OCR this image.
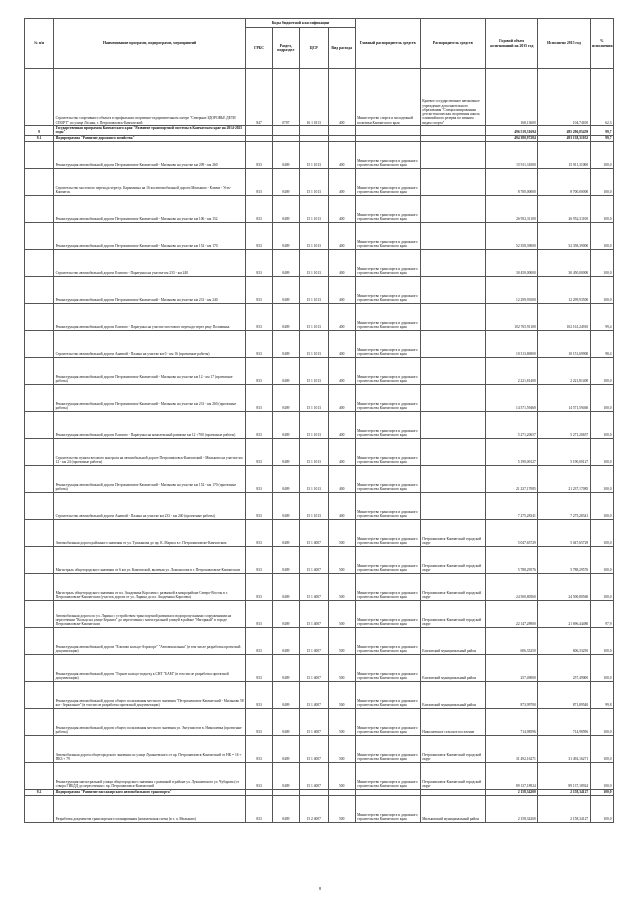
№ п/п	Наименование программ, подпрограмм, мероприятий	Коды бюджетной классификации				Главный распорядитель средств	Распорядитель средств	Годовой объем ассигнований на 2015 год	Исполнено 2015 год	% исполнения
		ГРБС	Раздел, подраздел	ЦСР	Вид расхода					
	Строительство спортивного объекта в профильном спортивно-оздоровительном лагере "Северные ЗДОРОВЬЕ ДЕТИ СПОРТ" по улице Лесная, г. Петропавловск-Камчатский	847	0707	16 1 0113	400	Министерство спорта и молодежной политики Камчатского края	Краевое государственное автономное учреждение дополнительного образования "Специализированная детско-юношеская спортивная школа олимпийского резерва по зимним видам спорта"	168,13600	104,74100	62,3
9	Государственная программа Камчатского края "Развитие транспортной системы в Камчатском крае на 2014-2025 годы"							496 519,31694	495 296,85459	99,7
9.1	Подпрограмма "Развитие дорожного хозяйства"							494 380,97284	493 138,31032	99,7
	Реконструкция автомобильной дороги Петропавловск-Камчатский - Мильково на участке км 209 - км 260	833	0409	15 1 1013	400	Министерство транспорта и дорожного строительства Камчатского края		15 911,31000	15 911,31000	100,0
	Строительство мостового перехода через р. Карымчина на 16 км автомобильной дороги Мильково - Ключи - Усть-Камчатск	833	0409	15 1 1013	400	Министерство транспорта и дорожного строительства Камчатского края		8 700,00000	8 700,00000	100,0
	Реконструкция автомобильной дороги Петропавловск-Камчатский - Мильково на участке км 106 - км 152	833	0409	15 1 1013	400	Министерство транспорта и дорожного строительства Камчатского края		26 952,31100	26 952,31100	100,0
	Реконструкция автомобильной дороги Петропавловск-Камчатский - Мильково на участке км 152 - км 170	833	0409	15 1 1013	400	Министерство транспорта и дорожного строительства Камчатского края		52 358,39000	52 358,39000	100,0
	Строительство автомобильной дороги Елизово - Паратунка на участке км 233 - км 240	833	0409	15 1 1013	400	Министерство транспорта и дорожного строительства Камчатского края		30 450,00000	30 450,00000	100,0
	Реконструкция автомобильной дороги Петропавловск-Камчатский - Мильково на участке км 231 - км 240	833	0409	15 1 1013	400	Министерство транспорта и дорожного строительства Камчатского края		12 299,93500	12 299,93500	100,0
	Реконструкция автомобильной дороги Елизово - Паратунка на участке мостового перехода через реку Половинка	833	0409	15 1 1013	400	Министерство транспорта и дорожного строительства Камчатского края		102 765,91100	102 161,24910	99,4
	Строительство автомобильной дороги Анавгай - Палана на участке км 0 - км 16 (проектные работы)	833	0409	15 1 1013	400	Министерство транспорта и дорожного строительства Камчатского края		10 313,86900	10 151,69900	98,4
	Реконструкция автомобильной дороги Петропавловск-Камчатский - Мильково на участке км 12 - км 17 (проектные работы)	833	0409	15 1 1013	400	Министерство транспорта и дорожного строительства Камчатского края		2 221,81400	2 221,81400	100,0
	Реконструкция автомобильной дороги Петропавловск-Камчатский - Мильково на участке км 231 - км 260 (проектные работы)	833	0409	15 1 1013	400	Министерство транспорта и дорожного строительства Камчатского края		14 571,59460	14 571,59460	100,0
	Реконструкция автомобильной дороги Елизово - Паратунка на комплексный развязке км 12 +700 (проектные работы)	833	0409	15 1 1013	400	Министерство транспорта и дорожного строительства Камчатского края		5 271,20657	5 271,20657	100,0
	Строительство пункта весового контроля на автомобильной дороге Петропавловск-Камчатский - Мильково на участке км 12 - км 24 (проектные работы)	833	0409	15 1 1013	400	Министерство транспорта и дорожного строительства Камчатского края		5 190,00127	5 190,00127	100,0
	Реконструкция автомобильной дороги Петропавловск-Камчатский - Мильково на участке км 152 - км 170 (проектные работы)	833	0409	15 1 1013	400	Министерство транспорта и дорожного строительства Камчатского края		21 237,17085	21 237,17085	100,0
	Строительство автомобильной дороги Анавгай - Палана на участке км 233 - км 240 (проектные работы)	833	0409	15 1 1013	400	Министерство транспорта и дорожного строительства Камчатского края		7 275,28341	7 275,28341	100,0
	Автомобильная дорога районного значения от ул. Тушканова до пр. К. Маркса в г. Петропавловске-Камчатском	833	0409	15 1 4007	500	Министерство транспорта и дорожного строительства Камчатского края	Петропавловск-Камчатский городской округ	5 047,65729	5 047,65729	100,0
	Магистраль общегородского значения от 6 км ул. Камчатской, включая ул. Ломоносова в г. Петропавловске-Камчатском	833	0409	15 1 4007	500	Министерство транспорта и дорожного строительства Камчатского края	Петропавловск-Камчатский городской округ	5 788,29576	5 788,29576	100,0
	Магистраль общегородского значения от пл. Академика Королева с развязкой в микрорайоне Северо-Восток в г. Петропавловске-Камчатском (участок дороги от ул. Ларина до пл. Академика Королева)	833	0409	15 1 4007	500	Министерство транспорта и дорожного строительства Камчатского края	Петропавловск-Камчатский городской округ	24 500,80560	24 500,80560	100,0
	Автомобильная дорога по ул. Ларина с устройством транспортной развязки и водопропускными сооружениями на пересечении "Кольцо на улице Беринга" до пересечения с магистральной улицей в районе "Нагорный" в городе Петропавловске-Камчатском	833	0409	15 1 4007	500	Министерство транспорта и дорожного строительства Камчатского края	Петропавловск-Камчатский городской округ	22 147,28900	21 696,44480	97,9
	Реконструкция автомобильной дороги "Елизово кольцо-Аэропорт" "Автовокзальная" (в том числе разработка проектной документации)	833	0409	15 1 4007	500	Министерство транспорта и дорожного строительства Камчатского края	Елизовский муниципальный район	606,33250	606,33250	100,0
	Реконструкция автомобильной дороги "Горное кольцо-подъезд к СНТ "БАМ" (в том числе разработка проектной документации)	833	0409	15 1 4007	500	Министерство транспорта и дорожного строительства Камчатского края	Елизовский муниципальный район	257,49000	257,49000	100,0
	Реконструкция автомобильной дороги общего пользования местного значения "Петропавловск-Камчатский - Мильково 58 км - Зеркальное" (в том числе разработка проектной документации)	833	0409	15 1 4007	500	Министерство транспорта и дорожного строительства Камчатского края	Елизовский муниципальный район	873,99700	871,89540	99,8
	Реконструкция автомобильной дороги общего пользования местного значения ул. Энтузиастов в. Николаевка (проектные работы)	833	0409	15 1 4007	500	Министерство транспорта и дорожного строительства Камчатского края	Николаевское сельское поселение	714,98596	714,98596	100,0
	Автомобильная дорога общегородского значения по улице Лукашевского от пр. Петропавловск-Камчатский от НК = 16 + ПКЗ + 79	833	0409	15 1 4007	500	Министерство транспорта и дорожного строительства Камчатского края	Петропавловск-Камчатский городской округ	31 492,16271	31 492,16271	100,0
	Реконструкция магистральной улицы общегородского значения с развязкой в районе ул. Лукашевского ул. Чубарова (от створа ГИБДД до пересечения с пр. Петропавловск-Камчатский	833	0409	15 1 4007	500	Министерство транспорта и дорожного строительства Камчатского края	Петропавловск-Камчатский городской округ	89 137,18924	89 137,18924	100,0
9.2	Подпрограмма "Развитие пассажирского автомобильного транспорта"							2 158,34200	2 158,34127	100,0
	Разработка документов транспортного планирования (комплексная схема (в т. ч. Мильково)	833	0409	15 2 4007	500	Министерство транспорта и дорожного строительства Камчатского края	Мильковский муниципальный район	2 158,34200	2 158,34127	100,0
8
